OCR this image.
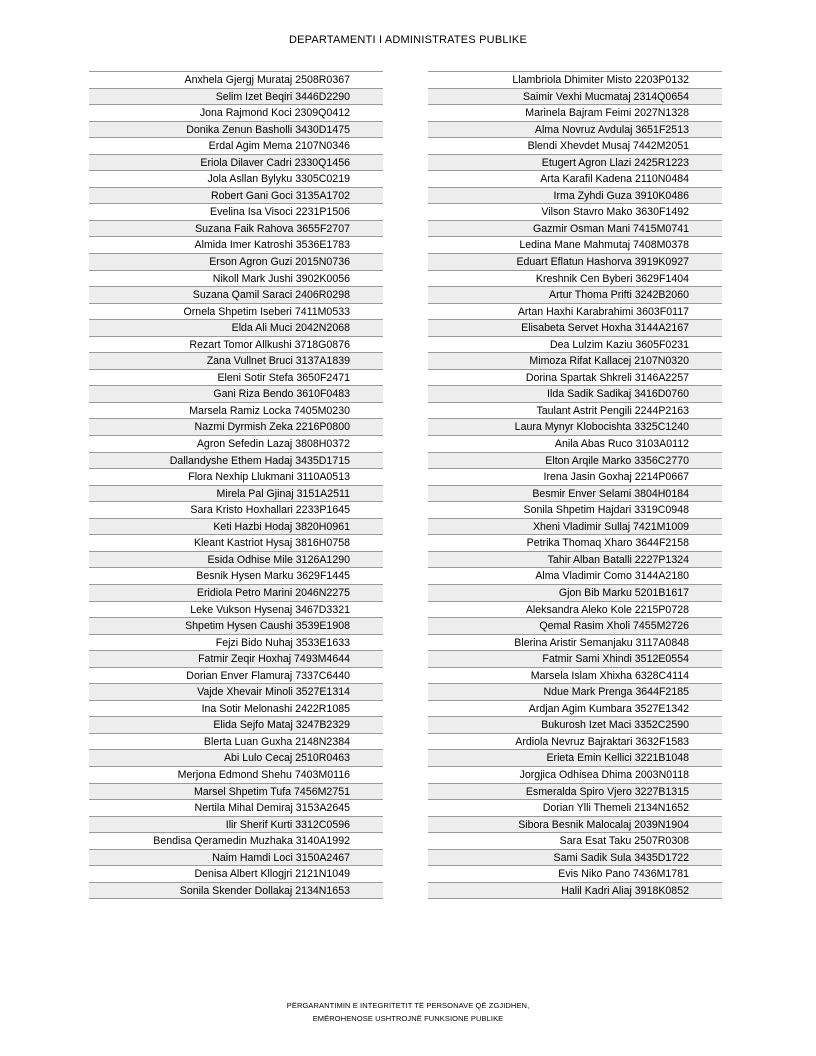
DEPARTAMENTI I ADMINISTRATES PUBLIKE
Anxhela Gjergj Murataj 2508R0367
Selim Izet Beqiri 3446D2290
Jona Rajmond Koci 2309Q0412
Donika Zenun Basholli 3430D1475
Erdal Agim Mema 2107N0346
Eriola Dilaver Cadri 2330Q1456
Jola Asllan Bylyku 3305C0219
Robert Gani Goci 3135A1702
Evelina Isa Visoci 2231P1506
Suzana Faik Rahova 3655F2707
Almida Imer Katroshi 3536E1783
Erson Agron Guzi 2015N0736
Nikoll Mark Jushi 3902K0056
Suzana Qamil Saraci 2406R0298
Ornela Shpetim Iseberi 7411M0533
Elda Ali Muci 2042N2068
Rezart Tomor Allkushi 3718G0876
Zana Vullnet Bruci 3137A1839
Eleni Sotir Stefa 3650F2471
Gani Riza Bendo 3610F0483
Marsela Ramiz Locka 7405M0230
Nazmi Dyrmish Zeka 2216P0800
Agron Sefedin Lazaj 3808H0372
Dallandyshe Ethem Hadaj 3435D1715
Flora Nexhip Llukmani 3110A0513
Mirela Pal Gjinaj 3151A2511
Sara Kristo Hoxhallari 2233P1645
Keti Hazbi Hodaj 3820H0961
Kleant Kastriot Hysaj 3816H0758
Esida Odhise Mile 3126A1290
Besnik Hysen Marku 3629F1445
Eridiola Petro Marini 2046N2275
Leke Vukson Hysenaj 3467D3321
Shpetim Hysen Caushi 3539E1908
Fejzi Bido Nuhaj 3533E1633
Fatmir Zeqir Hoxhaj 7493M4644
Dorian Enver Flamuraj 7337C6440
Vajde Xhevair Minoli 3527E1314
Ina Sotir Melonashi 2422R1085
Elida Sejfo Mataj 3247B2329
Blerta Luan Guxha 2148N2384
Abi Lulo Cecaj 2510R0463
Merjona Edmond Shehu 7403M0116
Marsel Shpetim Tufa 7456M2751
Nertila Mihal Demiraj 3153A2645
Ilir Sherif Kurti 3312C0596
Bendisa Qeramedin Muzhaka 3140A1992
Naim Hamdi Loci 3150A2467
Denisa Albert Kllogjri 2121N1049
Sonila Skender Dollakaj 2134N1653
Llambriola Dhimiter Misto 2203P0132
Saimir Vexhi Mucmataj 2314Q0654
Marinela Bajram Feimi 2027N1328
Alma Novruz Avdulaj 3651F2513
Blendi Xhevdet Musaj 7442M2051
Etugert Agron Llazi 2425R1223
Arta Karafil Kadena 2110N0484
Irma Zyhdi Guza 3910K0486
Vilson Stavro Mako 3630F1492
Gazmir Osman Mani 7415M0741
Ledina Mane Mahmutaj 7408M0378
Eduart Eflatun Hashorva 3919K0927
Kreshnik Cen Byberi 3629F1404
Artur Thoma Prifti 3242B2060
Artan Haxhi Karabrahimi 3603F0117
Elisabeta Servet Hoxha 3144A2167
Dea Lulzim Kaziu 3605F0231
Mimoza Rifat Kallacej 2107N0320
Dorina Spartak Shkreli 3146A2257
Ilda Sadik Sadikaj 3416D0760
Taulant Astrit Pengili 2244P2163
Laura Mynyr Klobocishta 3325C1240
Anila Abas Ruco 3103A0112
Elton Arqile Marko 3356C2770
Irena Jasin Goxhaj 2214P0667
Besmir Enver Selami 3804H0184
Sonila Shpetim Hajdari 3319C0948
Xheni Vladimir Sullaj 7421M1009
Petrika Thomaq Xharo 3644F2158
Tahir Alban Batalli 2227P1324
Alma Vladimir Como 3144A2180
Gjon Bib Marku 5201B1617
Aleksandra Aleko Kole 2215P0728
Qemal Rasim Xholi 7455M2726
Blerina Aristir Semanjaku 3117A0848
Fatmir Sami Xhindi 3512E0554
Marsela Islam Xhixha 6328C4114
Ndue Mark Prenga 3644F2185
Ardjan Agim Kumbara 3527E1342
Bukurosh Izet Maci 3352C2590
Ardiola Nevruz Bajraktari 3632F1583
Erieta Emin Kellici 3221B1048
Jorgjica Odhisea Dhima 2003N0118
Esmeralda Spiro Vjero 3227B1315
Dorian Ylli Themeli 2134N1652
Sibora Besnik Malocalaj 2039N1904
Sara Esat Taku 2507R0308
Sami Sadik Sula 3435D1722
Evis Niko Pano 7436M1781
Halil Kadri Aliaj 3918K0852
PËRGARANTIMIN E INTEGRITETIT TË PERSONAVE QË ZGJIDHEN,
EMËROHENOSE USHTROJNË FUNKSIONE PUBLIKE
